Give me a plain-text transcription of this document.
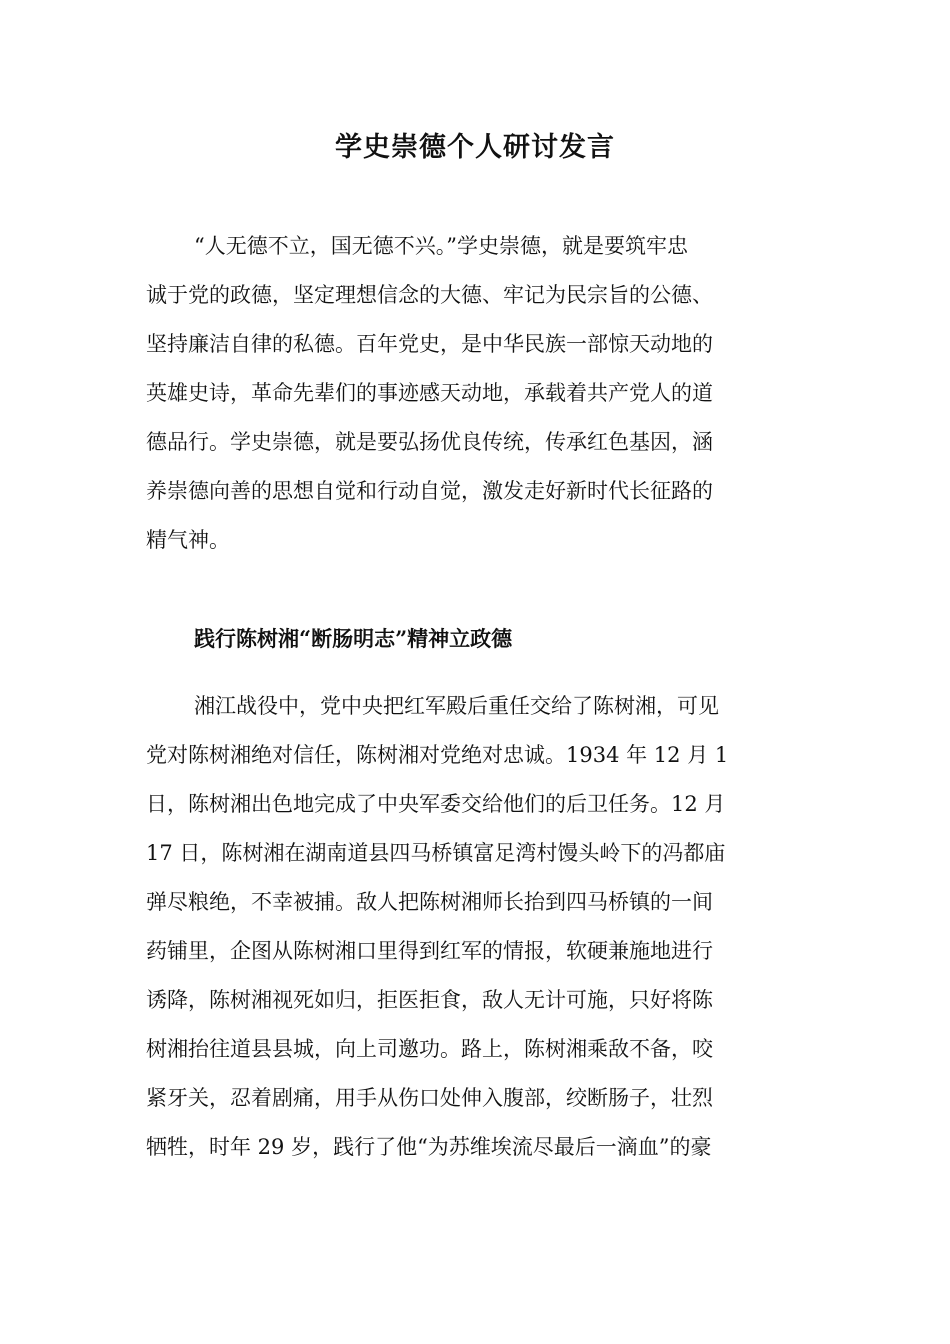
学史崇德个人研讨发言
“人无德不立，国无德不兴。”学史崇德，就是要筑牢忠
诚于党的政德，坚定理想信念的大德、牢记为民宗旨的公德、
坚持廉洁自律的私德。百年党史，是中华民族一部惊天动地的
英雄史诗，革命先辈们的事迹感天动地，承载着共产党人的道
德品行。学史崇德，就是要弘扬优良传统，传承红色基因，涵
养崇德向善的思想自觉和行动自觉，激发走好新时代长征路的
精气神。
践行陈树湘“断肠明志”精神立政德
湘江战役中，党中央把红军殿后重任交给了陈树湘，可见
党对陈树湘绝对信任，陈树湘对党绝对忠诚。1934 年 12 月 1
日，陈树湘出色地完成了中央军委交给他们的后卫任务。12 月
17 日，陈树湘在湖南道县四马桥镇富足湾村馒头岭下的冯都庙
弹尽粮绝，不幸被捕。敌人把陈树湘师长抬到四马桥镇的一间
药铺里，企图从陈树湘口里得到红军的情报，软硬兼施地进行
诱降，陈树湘视死如归，拒医拒食，敌人无计可施，只好将陈
树湘抬往道县县城，向上司邀功。路上，陈树湘乘敌不备，咬
紧牙关，忍着剧痛，用手从伤口处伸入腹部，绞断肠子，壮烈
牺牲，时年 29 岁，践行了他“为苏维埃流尽最后一滴血”的豪
